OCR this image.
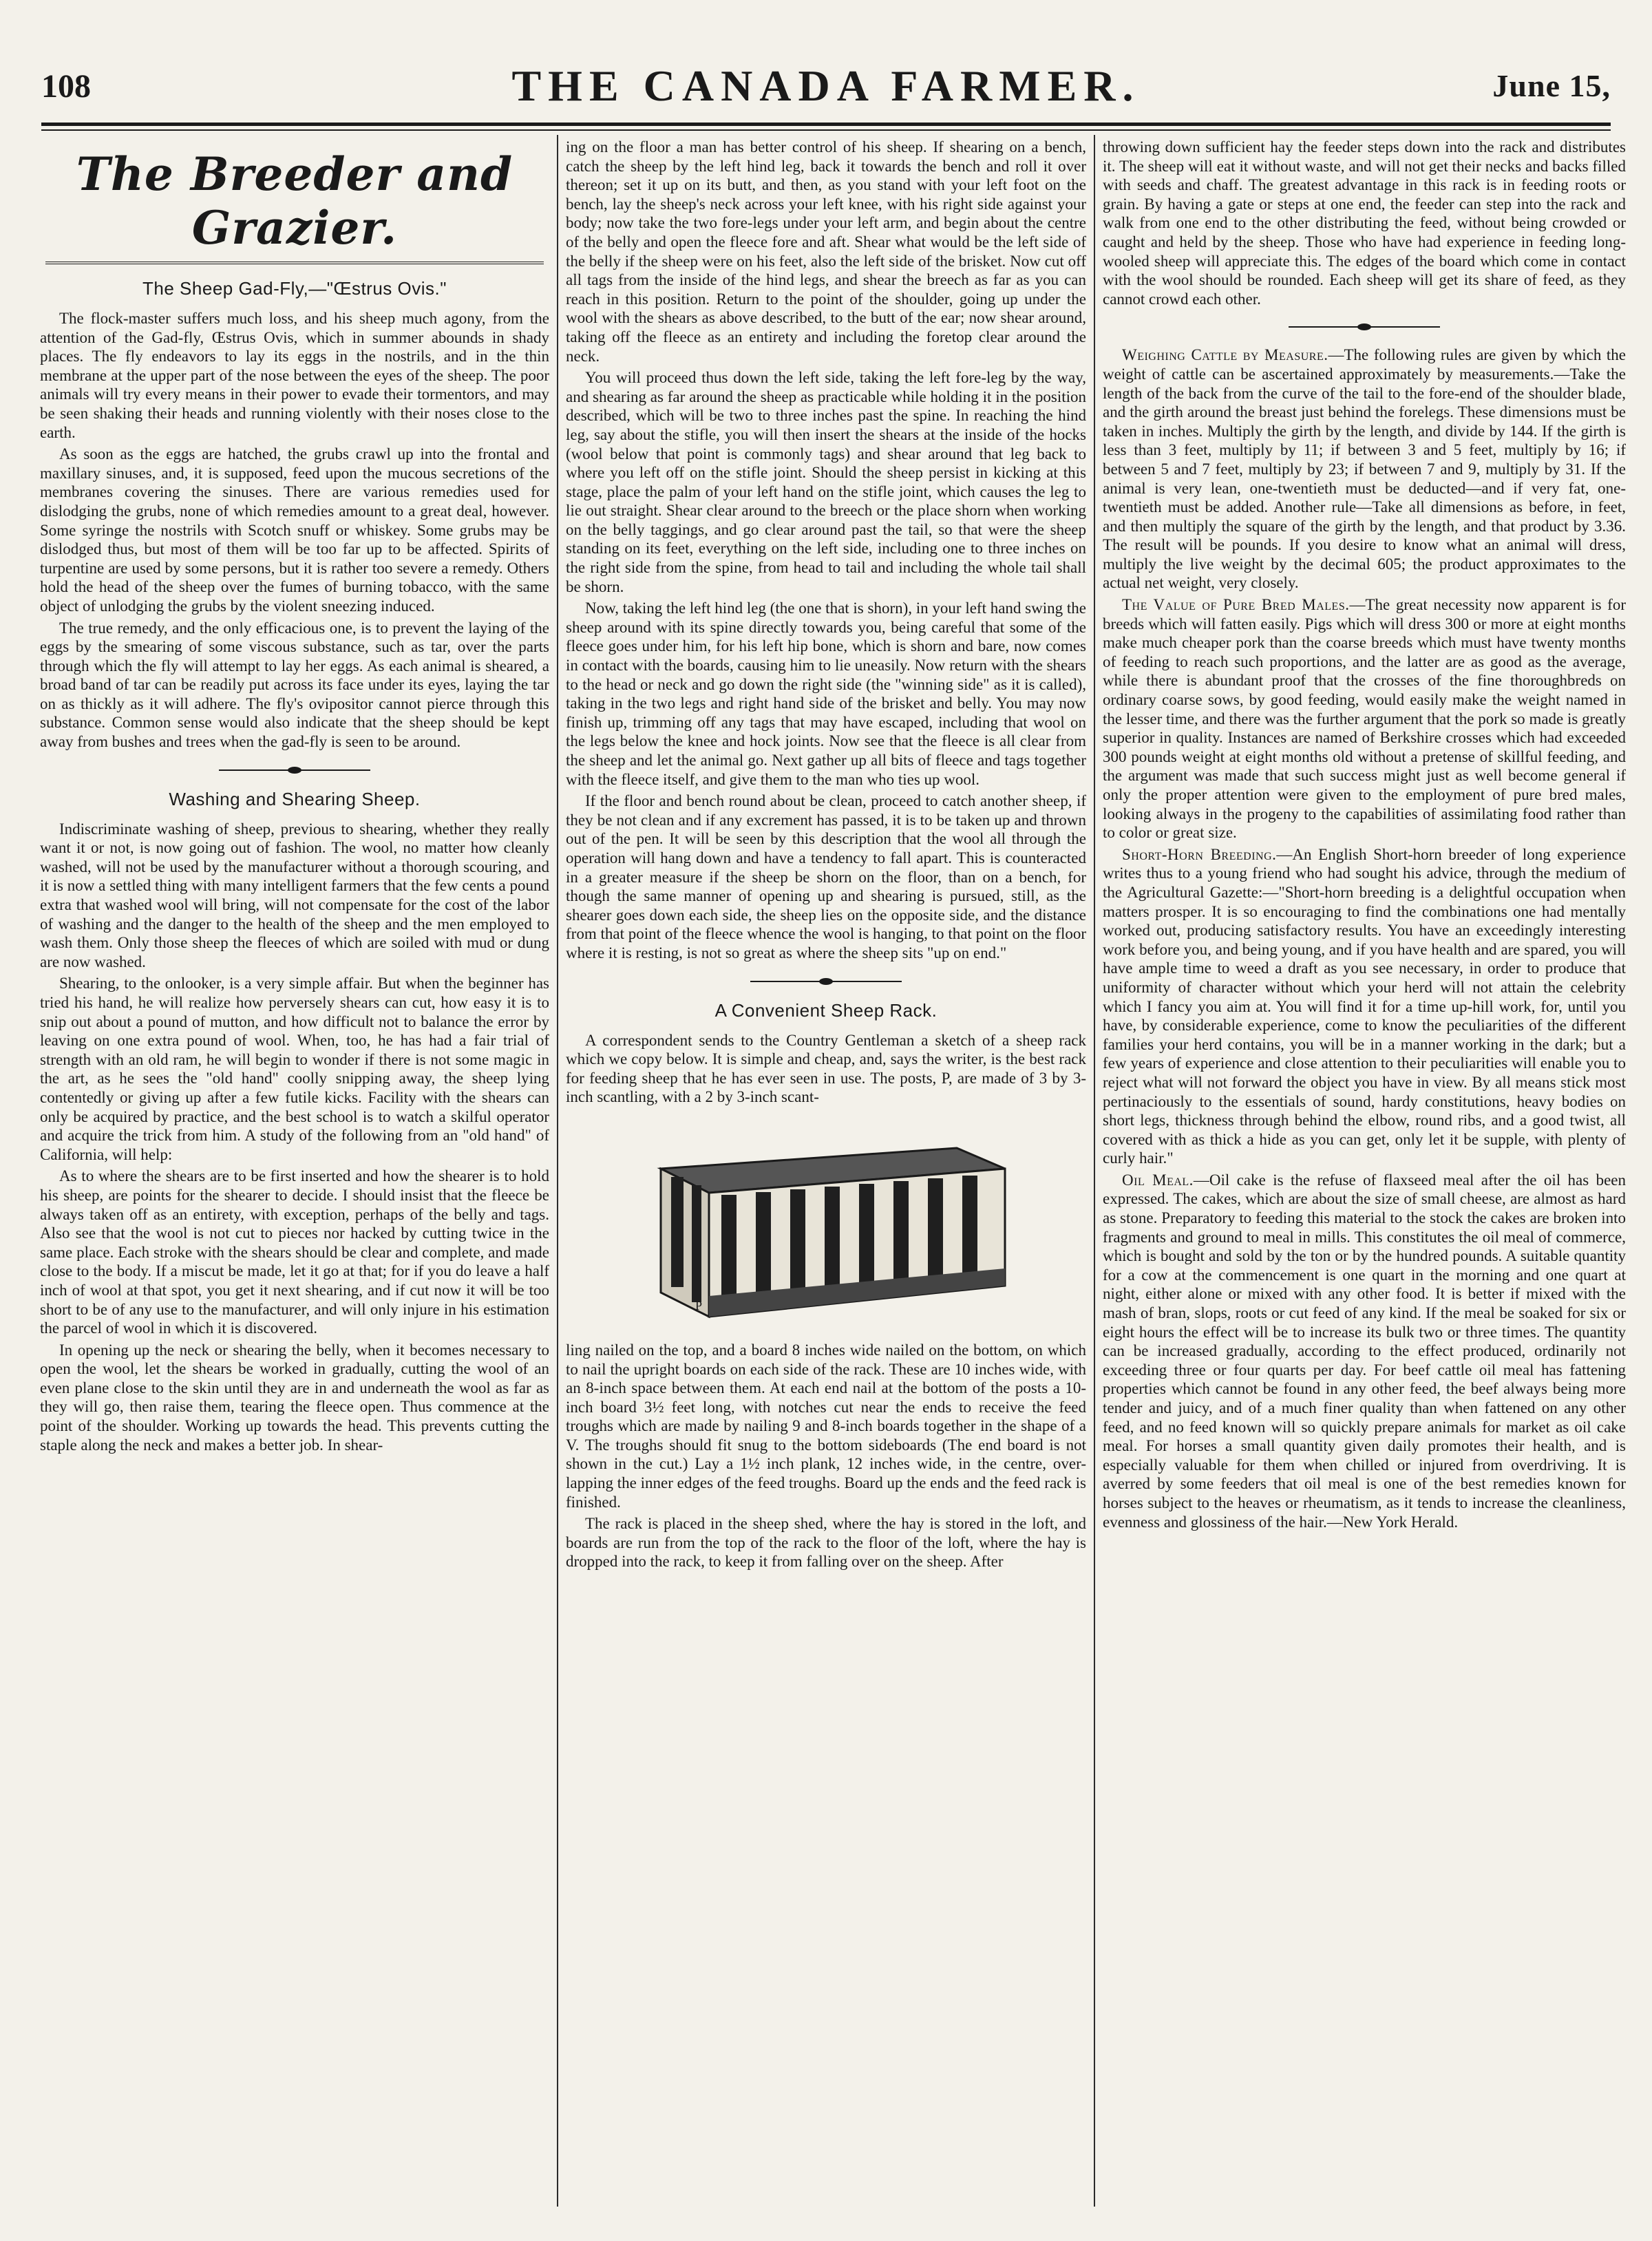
108	THE CANADA FARMER.	June 15,
The Breeder and Grazier.
The Sheep Gad-Fly,—"Œstrus Ovis."

The flock-master suffers much loss, and his sheep much agony, from the attention of the Gad-fly, Œstrus Ovis, which in summer abounds in shady places. The fly endeavors to lay its eggs in the nostrils, and in the thin membrane at the upper part of the nose between the eyes of the sheep. The poor animals will try every means in their power to evade their tormentors, and may be seen shaking their heads and running violently with their noses close to the earth.

As soon as the eggs are hatched, the grubs crawl up into the frontal and maxillary sinuses, and, it is supposed, feed upon the mucous secretions of the membranes covering the sinuses. There are various remedies used for dislodging the grubs, none of which remedies amount to a great deal, however. Some syringe the nostrils with Scotch snuff or whiskey. Some grubs may be dislodged thus, but most of them will be too far up to be affected. Spirits of turpentine are used by some persons, but it is rather too severe a remedy. Others hold the head of the sheep over the fumes of burning tobacco, with the same object of unlodging the grubs by the violent sneezing induced.

The true remedy, and the only efficacious one, is to prevent the laying of the eggs by the smearing of some viscous substance, such as tar, over the parts through which the fly will attempt to lay her eggs. As each animal is sheared, a broad band of tar can be readily put across its face under its eyes, laying the tar on as thickly as it will adhere. The fly's ovipositor cannot pierce through this substance. Common sense would also indicate that the sheep should be kept away from bushes and trees when the gad-fly is seen to be around.

Washing and Shearing Sheep.

Indiscriminate washing of sheep, previous to shearing, whether they really want it or not, is now going out of fashion. The wool, no matter how cleanly washed, will not be used by the manufacturer without a thorough scouring, and it is now a settled thing with many intelligent farmers that the few cents a pound extra that washed wool will bring, will not compensate for the cost of the labor of washing and the danger to the health of the sheep and the men employed to wash them. Only those sheep the fleeces of which are soiled with mud or dung are now washed.

Shearing, to the onlooker, is a very simple affair. But when the beginner has tried his hand, he will realize how perversely shears can cut, how easy it is to snip out about a pound of mutton, and how difficult not to balance the error by leaving on one extra pound of wool. When, too, he has had a fair trial of strength with an old ram, he will begin to wonder if there is not some magic in the art, as he sees the "old hand" coolly snipping away, the sheep lying contentedly or giving up after a few futile kicks. Facility with the shears can only be acquired by practice, and the best school is to watch a skilful operator and acquire the trick from him. A study of the following from an "old hand" of California, will help:

As to where the shears are to be first inserted and how the shearer is to hold his sheep, are points for the shearer to decide. I should insist that the fleece be always taken off as an entirety, with exception, perhaps of the belly and tags. Also see that the wool is not cut to pieces nor hacked by cutting twice in the same place. Each stroke with the shears should be clear and complete, and made close to the body. If a miscut be made, let it go at that; for if you do leave a half inch of wool at that spot, you get it next shearing, and if cut now it will be too short to be of any use to the manufacturer, and will only injure in his estimation the parcel of wool in which it is discovered.

In opening up the neck or shearing the belly, when it becomes necessary to open the wool, let the shears be worked in gradually, cutting the wool of an even plane close to the skin until they are in and underneath the wool as far as they will go, then raise them, tearing the fleece open. Thus commence at the point of the shoulder. Working up towards the head. This prevents cutting the staple along the neck and makes a better job. In shear-

ing on the floor a man has better control of his sheep. If shearing on a bench, catch the sheep by the left hind leg, back it towards the bench and roll it over thereon; set it up on its butt, and then, as you stand with your left foot on the bench, lay the sheep's neck across your left knee, with his right side against your body; now take the two fore-legs under your left arm, and begin about the centre of the belly and open the fleece fore and aft. Shear what would be the left side of the belly if the sheep were on his feet, also the left side of the brisket. Now cut off all tags from the inside of the hind legs, and shear the breech as far as you can reach in this position. Return to the point of the shoulder, going up under the wool with the shears as above described, to the butt of the ear; now shear around, taking off the fleece as an entirety and including the foretop clear around the neck.

You will proceed thus down the left side, taking the left fore-leg by the way, and shearing as far around the sheep as practicable while holding it in the position described, which will be two to three inches past the spine. In reaching the hind leg, say about the stifle, you will then insert the shears at the inside of the hocks (wool below that point is commonly tags) and shear around that leg back to where you left off on the stifle joint. Should the sheep persist in kicking at this stage, place the palm of your left hand on the stifle joint, which causes the leg to lie out straight. Shear clear around to the breech or the place shorn when working on the belly taggings, and go clear around past the tail, so that were the sheep standing on its feet, everything on the left side, including one to three inches on the right side from the spine, from head to tail and including the whole tail shall be shorn.

Now, taking the left hind leg (the one that is shorn), in your left hand swing the sheep around with its spine directly towards you, being careful that some of the fleece goes under him, for his left hip bone, which is shorn and bare, now comes in contact with the boards, causing him to lie uneasily. Now return with the shears to the head or neck and go down the right side (the "winning side" as it is called), taking in the two legs and right hand side of the brisket and belly. You may now finish up, trimming off any tags that may have escaped, including that wool on the legs below the knee and hock joints. Now see that the fleece is all clear from the sheep and let the animal go. Next gather up all bits of fleece and tags together with the fleece itself, and give them to the man who ties up wool.

If the floor and bench round about be clean, proceed to catch another sheep, if they be not clean and if any excrement has passed, it is to be taken up and thrown out of the pen. It will be seen by this description that the wool all through the operation will hang down and have a tendency to fall apart. This is counteracted in a greater measure if the sheep be shorn on the floor, than on a bench, for though the same manner of opening up and shearing is pursued, still, as the shearer goes down each side, the sheep lies on the opposite side, and the distance from that point of the fleece whence the wool is hanging, to that point on the floor where it is resting, is not so great as where the sheep sits "up on end."

A Convenient Sheep Rack.

A correspondent sends to the Country Gentleman a sketch of a sheep rack which we copy below. It is simple and cheap, and, says the writer, is the best rack for feeding sheep that he has ever seen in use. The posts, P, are made of 3 by 3-inch scantling, with a 2 by 3-inch scant-

P

ling nailed on the top, and a board 8 inches wide nailed on the bottom, on which to nail the upright boards on each side of the rack. These are 10 inches wide, with an 8-inch space between them. At each end nail at the bottom of the posts a 10-inch board 3½ feet long, with notches cut near the ends to receive the feed troughs which are made by nailing 9 and 8-inch boards together in the shape of a V. The troughs should fit snug to the bottom sideboards (The end board is not shown in the cut.) Lay a 1½ inch plank, 12 inches wide, in the centre, over-lapping the inner edges of the feed troughs. Board up the ends and the feed rack is finished.

The rack is placed in the sheep shed, where the hay is stored in the loft, and boards are run from the top of the rack to the floor of the loft, where the hay is dropped into the rack, to keep it from falling over on the sheep. After

throwing down sufficient hay the feeder steps down into the rack and distributes it. The sheep will eat it without waste, and will not get their necks and backs filled with seeds and chaff. The greatest advantage in this rack is in feeding roots or grain. By having a gate or steps at one end, the feeder can step into the rack and walk from one end to the other distributing the feed, without being crowded or caught and held by the sheep. Those who have had experience in feeding long-wooled sheep will appreciate this. The edges of the board which come in contact with the wool should be rounded. Each sheep will get its share of feed, as they cannot crowd each other.

Weighing Cattle by Measure.—The following rules are given by which the weight of cattle can be ascertained approximately by measurements.—Take the length of the back from the curve of the tail to the fore-end of the shoulder blade, and the girth around the breast just behind the forelegs. These dimensions must be taken in inches. Multiply the girth by the length, and divide by 144. If the girth is less than 3 feet, multiply by 11; if between 3 and 5 feet, multiply by 16; if between 5 and 7 feet, multiply by 23; if between 7 and 9, multiply by 31. If the animal is very lean, one-twentieth must be deducted—and if very fat, one-twentieth must be added. Another rule—Take all dimensions as before, in feet, and then multiply the square of the girth by the length, and that product by 3.36. The result will be pounds. If you desire to know what an animal will dress, multiply the live weight by the decimal 605; the product approximates to the actual net weight, very closely.

The Value of Pure Bred Males.—The great necessity now apparent is for breeds which will fatten easily. Pigs which will dress 300 or more at eight months make much cheaper pork than the coarse breeds which must have twenty months of feeding to reach such proportions, and the latter are as good as the average, while there is abundant proof that the crosses of the fine thoroughbreds on ordinary coarse sows, by good feeding, would easily make the weight named in the lesser time, and there was the further argument that the pork so made is greatly superior in quality. Instances are named of Berkshire crosses which had exceeded 300 pounds weight at eight months old without a pretense of skillful feeding, and the argument was made that such success might just as well become general if only the proper attention were given to the employment of pure bred males, looking always in the progeny to the capabilities of assimilating food rather than to color or great size.

Short-Horn Breeding.—An English Short-horn breeder of long experience writes thus to a young friend who had sought his advice, through the medium of the Agricultural Gazette:—"Short-horn breeding is a delightful occupation when matters prosper. It is so encouraging to find the combinations one had mentally worked out, producing satisfactory results. You have an exceedingly interesting work before you, and being young, and if you have health and are spared, you will have ample time to weed a draft as you see necessary, in order to produce that uniformity of character without which your herd will not attain the celebrity which I fancy you aim at. You will find it for a time up-hill work, for, until you have, by considerable experience, come to know the peculiarities of the different families your herd contains, you will be in a manner working in the dark; but a few years of experience and close attention to their peculiarities will enable you to reject what will not forward the object you have in view. By all means stick most pertinaciously to the essentials of sound, hardy constitutions, heavy bodies on short legs, thickness through behind the elbow, round ribs, and a good twist, all covered with as thick a hide as you can get, only let it be supple, with plenty of curly hair."

Oil Meal.—Oil cake is the refuse of flaxseed meal after the oil has been expressed. The cakes, which are about the size of small cheese, are almost as hard as stone. Preparatory to feeding this material to the stock the cakes are broken into fragments and ground to meal in mills. This constitutes the oil meal of commerce, which is bought and sold by the ton or by the hundred pounds. A suitable quantity for a cow at the commencement is one quart in the morning and one quart at night, either alone or mixed with any other food. It is better if mixed with the mash of bran, slops, roots or cut feed of any kind. If the meal be soaked for six or eight hours the effect will be to increase its bulk two or three times. The quantity can be increased gradually, according to the effect produced, ordinarily not exceeding three or four quarts per day. For beef cattle oil meal has fattening properties which cannot be found in any other feed, the beef always being more tender and juicy, and of a much finer quality than when fattened on any other feed, and no feed known will so quickly prepare animals for market as oil cake meal. For horses a small quantity given daily promotes their health, and is especially valuable for them when chilled or injured from overdriving. It is averred by some feeders that oil meal is one of the best remedies known for horses subject to the heaves or rheumatism, as it tends to increase the cleanliness, evenness and glossiness of the hair.—New York Herald.
